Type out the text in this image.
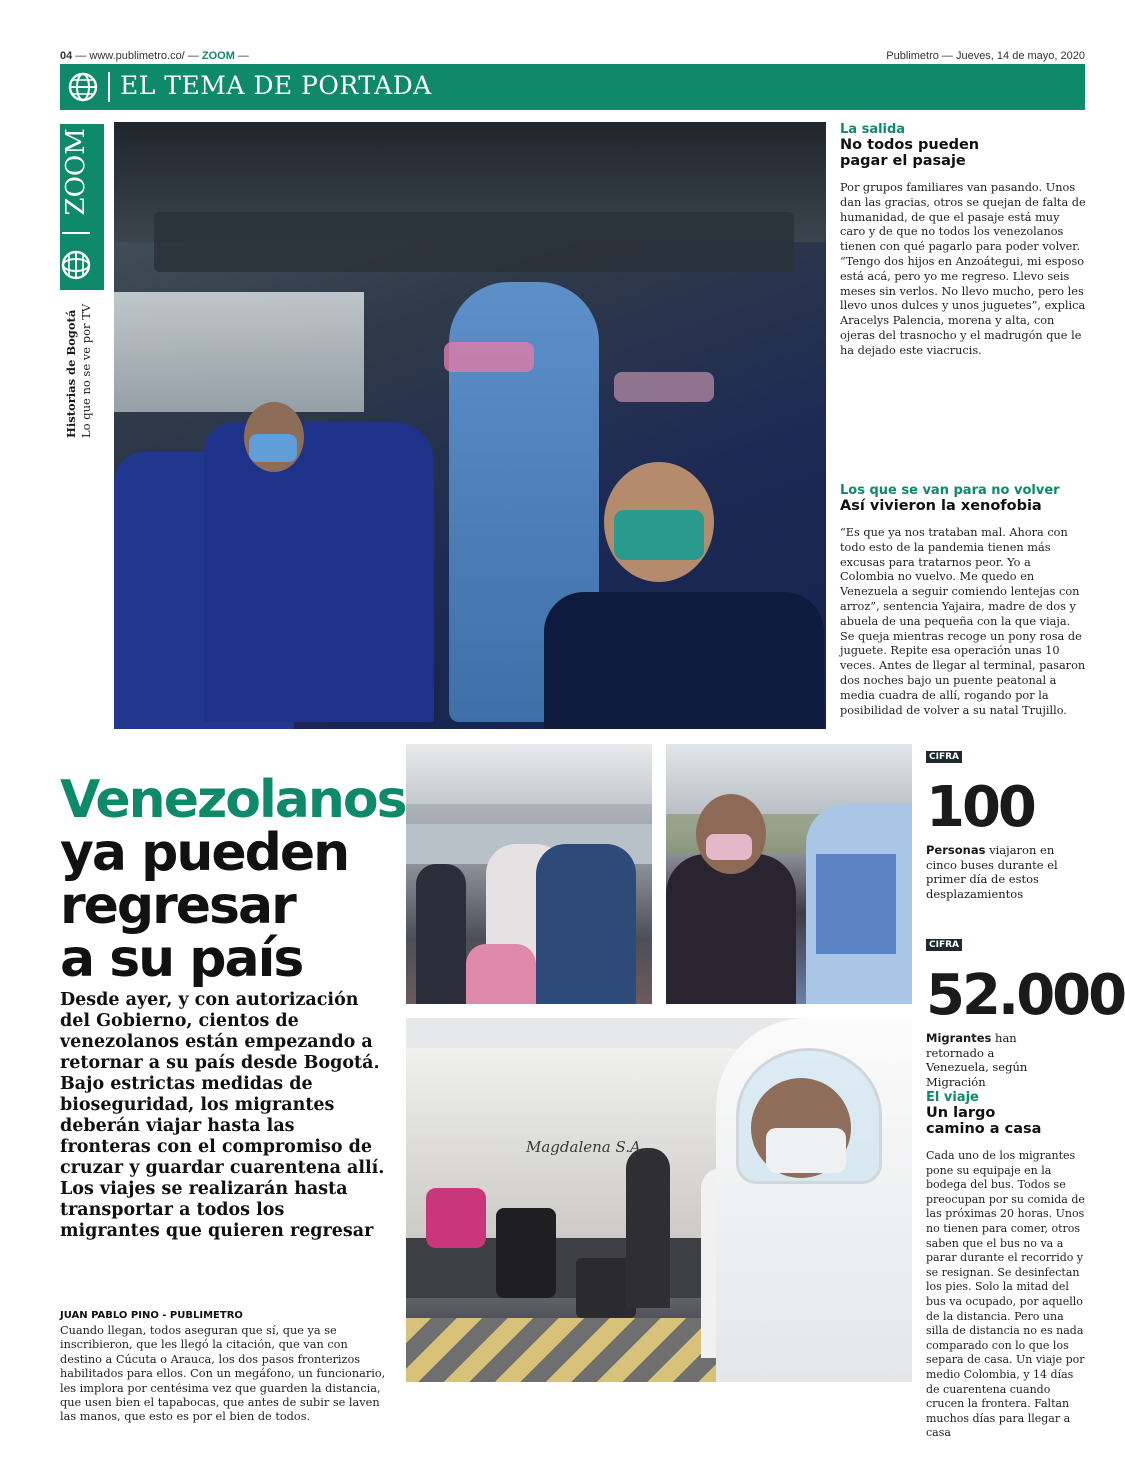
04 — www.publimetro.co/ — ZOOM —	Publimetro — Jueves, 14 de mayo, 2020
EL TEMA DE PORTADA
ZOOM
Historias de Bogotá
Lo que no se ve por TV
La salida
No todos pueden pagar el pasaje
Por grupos familiares van pasando. Unos dan las gracias, otros se quejan de falta de humanidad, de que el pasaje está muy caro y de que no todos los venezolanos tienen con qué pagarlo para poder volver. “Tengo dos hijos en Anzoátegui, mi esposo está acá, pero yo me regreso. Llevo seis meses sin verlos. No llevo mucho, pero les llevo unos dulces y unos juguetes”, explica Aracelys Palencia, morena y alta, con ojeras del trasnocho y el madrugón que le ha dejado este viacrucis.
Los que se van para no volver
Así vivieron la xenofobia
“Es que ya nos trataban mal. Ahora con todo esto de la pandemia tienen más excusas para tratarnos peor. Yo a Colombia no vuelvo. Me quedo en Venezuela a seguir comiendo lentejas con arroz”, sentencia Yajaira, madre de dos y abuela de una pequeña con la que viaja. Se queja mientras recoge un pony rosa de juguete. Repite esa operación unas 10 veces. Antes de llegar al terminal, pasaron dos noches bajo un puente peatonal a media cuadra de allí, rogando por la posibilidad de volver a su natal Trujillo.
Venezolanos
ya pueden
regresar
a su país
Desde ayer, y con autorización del Gobierno, cientos de venezolanos están empezando a retornar a su país desde Bogotá. Bajo estrictas medidas de bioseguridad, los migrantes deberán viajar hasta las fronteras con el compromiso de cruzar y guardar cuarentena allí. Los viajes se realizarán hasta transportar a todos los migrantes que quieren regresar
JUAN PABLO PINO - PUBLIMETRO
Cuando llegan, todos aseguran que sí, que ya se inscribieron, que les llegó la citación, que van con destino a Cúcuta o Arauca, los dos pasos fronterizos habilitados para ellos. Con un megáfono, un funcionario, les implora por centésima vez que guarden la distancia, que usen bien el tapabocas, que antes de subir se laven las manos, que esto es por el bien de todos.
Magdalena S.A.
CIFRA
100
Personas viajaron en cinco buses durante el primer día de estos desplazamientos
CIFRA
52.000
Migrantes han retornado a Venezuela, según Migración
El viaje
Un largo camino a casa
Cada uno de los migrantes pone su equipaje en la bodega del bus. Todos se preocupan por su comida de las próximas 20 horas. Unos no tienen para comer, otros saben que el bus no va a parar durante el recorrido y se resignan. Se desinfectan los pies. Solo la mitad del bus va ocupado, por aquello de la distancia. Pero una silla de distancia no es nada comparado con lo que los separa de casa. Un viaje por medio Colombia, y 14 días de cuarentena cuando crucen la frontera. Faltan muchos días para llegar a casa
